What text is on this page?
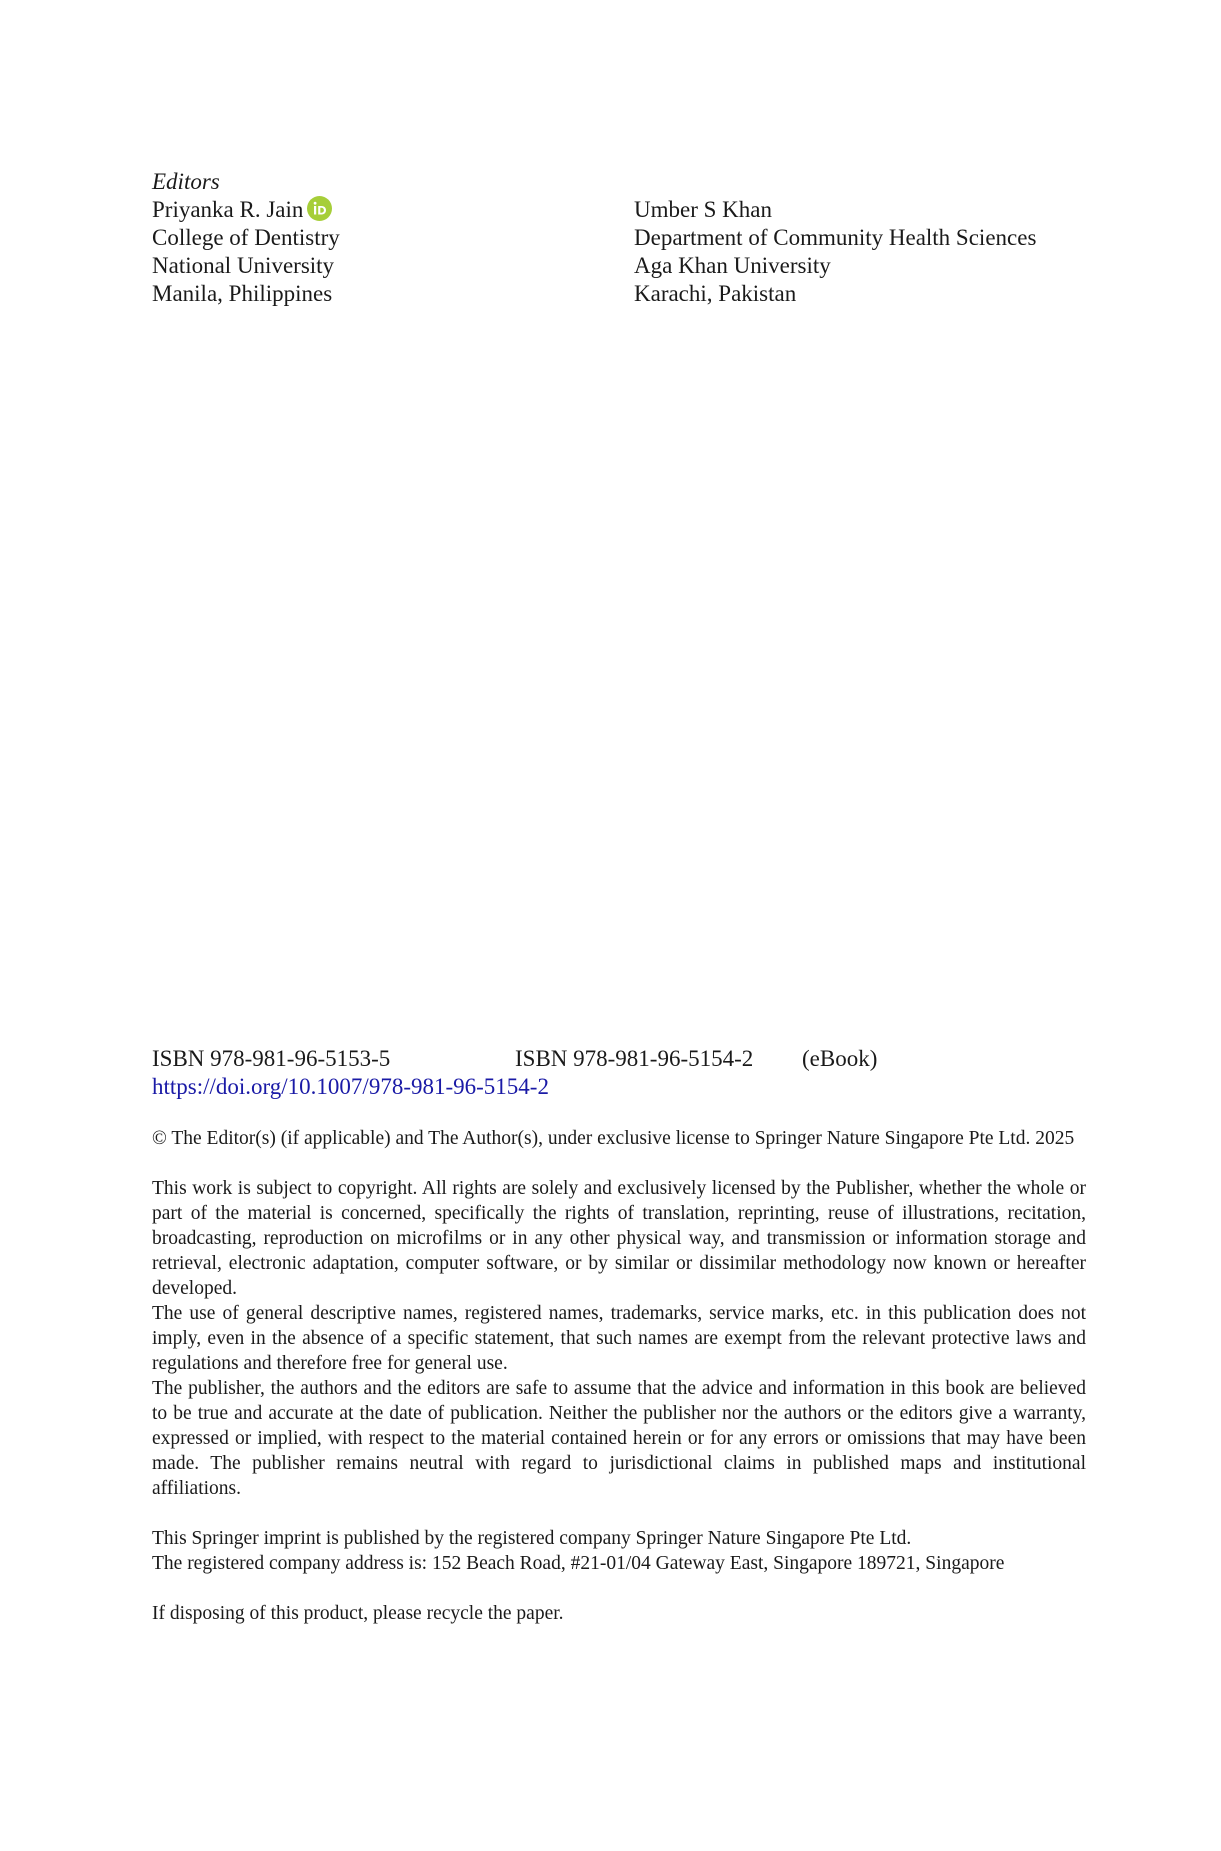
Editors
Priyanka R. Jain
College of Dentistry
National University
Manila, Philippines
Umber S Khan
Department of Community Health Sciences
Aga Khan University
Karachi, Pakistan
ISBN 978-981-96-5153-5	ISBN 978-981-96-5154-2 (eBook)
https://doi.org/10.1007/978-981-96-5154-2

© The Editor(s) (if applicable) and The Author(s), under exclusive license to Springer Nature Singapore Pte Ltd. 2025

This work is subject to copyright. All rights are solely and exclusively licensed by the Publisher, whether the whole or part of the material is concerned, specifically the rights of translation, reprinting, reuse of illustrations, recitation, broadcasting, reproduction on microfilms or in any other physical way, and transmission or information storage and retrieval, electronic adaptation, computer software, or by similar or dissimilar methodology now known or hereafter developed.

The use of general descriptive names, registered names, trademarks, service marks, etc. in this publication does not imply, even in the absence of a specific statement, that such names are exempt from the relevant protective laws and regulations and therefore free for general use.

The publisher, the authors and the editors are safe to assume that the advice and information in this book are believed to be true and accurate at the date of publication. Neither the publisher nor the authors or the editors give a warranty, expressed or implied, with respect to the material contained herein or for any errors or omissions that may have been made. The publisher remains neutral with regard to jurisdictional claims in published maps and institutional affiliations.

This Springer imprint is published by the registered company Springer Nature Singapore Pte Ltd.

The registered company address is: 152 Beach Road, #21-01/04 Gateway East, Singapore 189721, Singapore

If disposing of this product, please recycle the paper.
